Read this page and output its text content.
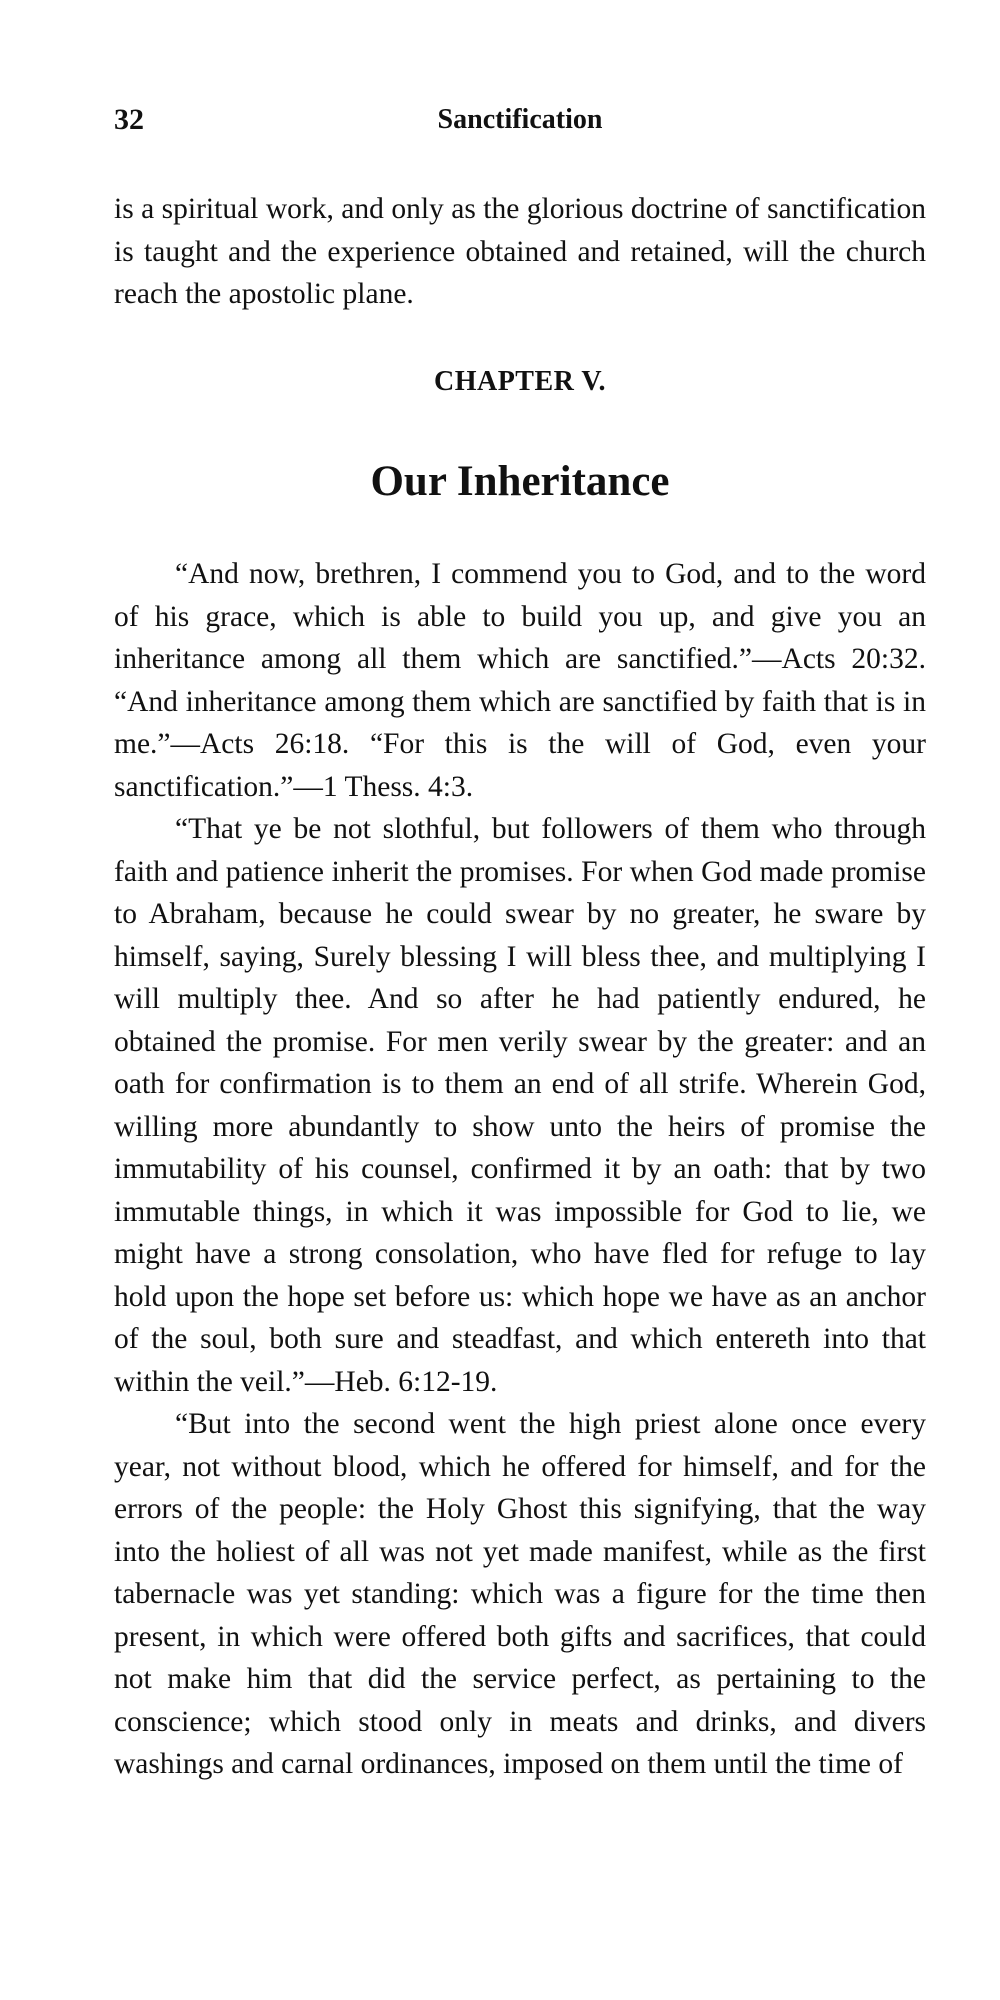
32	Sanctification

is a spiritual work, and only as the glorious doctrine of sanctification is taught and the experience obtained and retained, will the church reach the apostolic plane.

CHAPTER V.
Our Inheritance

“And now, brethren, I commend you to God, and to the word of his grace, which is able to build you up, and give you an inheritance among all them which are sanctified.”—Acts 20:32. “And inheritance among them which are sanctified by faith that is in me.”—Acts 26:18. “For this is the will of God, even your sanctification.”—1 Thess. 4:3.

“That ye be not slothful, but followers of them who through faith and patience inherit the promises. For when God made promise to Abraham, because he could swear by no greater, he sware by himself, saying, Surely blessing I will bless thee, and multiplying I will multiply thee. And so after he had patiently endured, he obtained the promise. For men verily swear by the greater: and an oath for confirmation is to them an end of all strife. Wherein God, willing more abundantly to show unto the heirs of promise the immutability of his counsel, confirmed it by an oath: that by two immutable things, in which it was impossible for God to lie, we might have a strong consolation, who have fled for refuge to lay hold upon the hope set before us: which hope we have as an anchor of the soul, both sure and steadfast, and which entereth into that within the veil.”—Heb. 6:12-19.

“But into the second went the high priest alone once every year, not without blood, which he offered for himself, and for the errors of the people: the Holy Ghost this signifying, that the way into the holiest of all was not yet made manifest, while as the first tabernacle was yet standing: which was a figure for the time then present, in which were offered both gifts and sacrifices, that could not make him that did the service perfect, as pertaining to the conscience; which stood only in meats and drinks, and divers washings and carnal ordinances, imposed on them until the time of
